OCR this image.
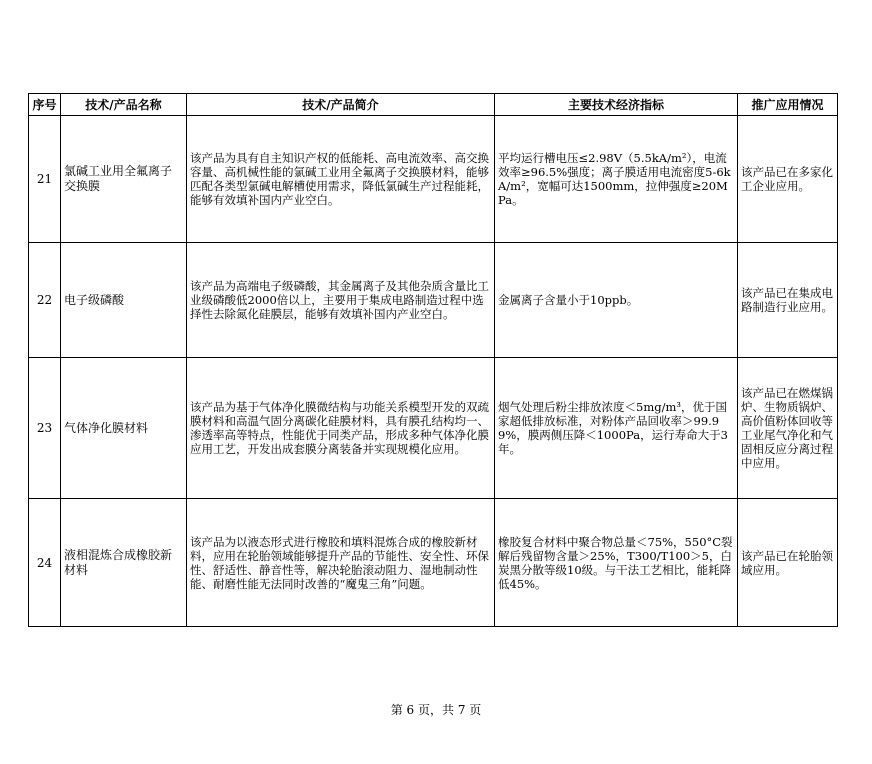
序号	技术/产品名称	技术/产品简介	主要技术经济指标	推广应用情况
21	氯碱工业用全氟离子交换膜	该产品为具有自主知识产权的低能耗、高电流效率、高交换容量、高机械性能的氯碱工业用全氟离子交换膜材料，能够匹配各类型氯碱电解槽使用需求，降低氯碱生产过程能耗，能够有效填补国内产业空白。	平均运行槽电压≤2.98V（5.5kA/m²），电流效率≥96.5%强度；离子膜适用电流密度5-6kA/m²，宽幅可达1500mm，拉伸强度≥20MPa。	该产品已在多家化工企业应用。
22	电子级磷酸	该产品为高端电子级磷酸，其金属离子及其他杂质含量比工业级磷酸低2000倍以上，主要用于集成电路制造过程中选择性去除氮化硅膜层，能够有效填补国内产业空白。	金属离子含量小于10ppb。	该产品已在集成电路制造行业应用。
23	气体净化膜材料	该产品为基于气体净化膜微结构与功能关系模型开发的双疏膜材料和高温气固分离碳化硅膜材料，具有膜孔结构均一、渗透率高等特点，性能优于同类产品，形成多种气体净化膜应用工艺，开发出成套膜分离装备并实现规模化应用。	烟气处理后粉尘排放浓度＜5mg/m³，优于国家超低排放标准，对粉体产品回收率＞99.99%，膜两侧压降＜1000Pa，运行寿命大于3年。	该产品已在燃煤锅炉、生物质锅炉、高价值粉体回收等工业尾气净化和气固相反应分离过程中应用。
24	液相混炼合成橡胶新材料	该产品为以液态形式进行橡胶和填料混炼合成的橡胶新材料，应用在轮胎领域能够提升产品的节能性、安全性、环保性、舒适性、静音性等，解决轮胎滚动阻力、湿地制动性能、耐磨性能无法同时改善的“魔鬼三角”问题。	橡胶复合材料中聚合物总量＜75%，550°C裂解后残留物含量＞25%，T300/T100＞5，白炭黑分散等级10级。与干法工艺相比，能耗降低45%。	该产品已在轮胎领域应用。
第 6 页，共 7 页
